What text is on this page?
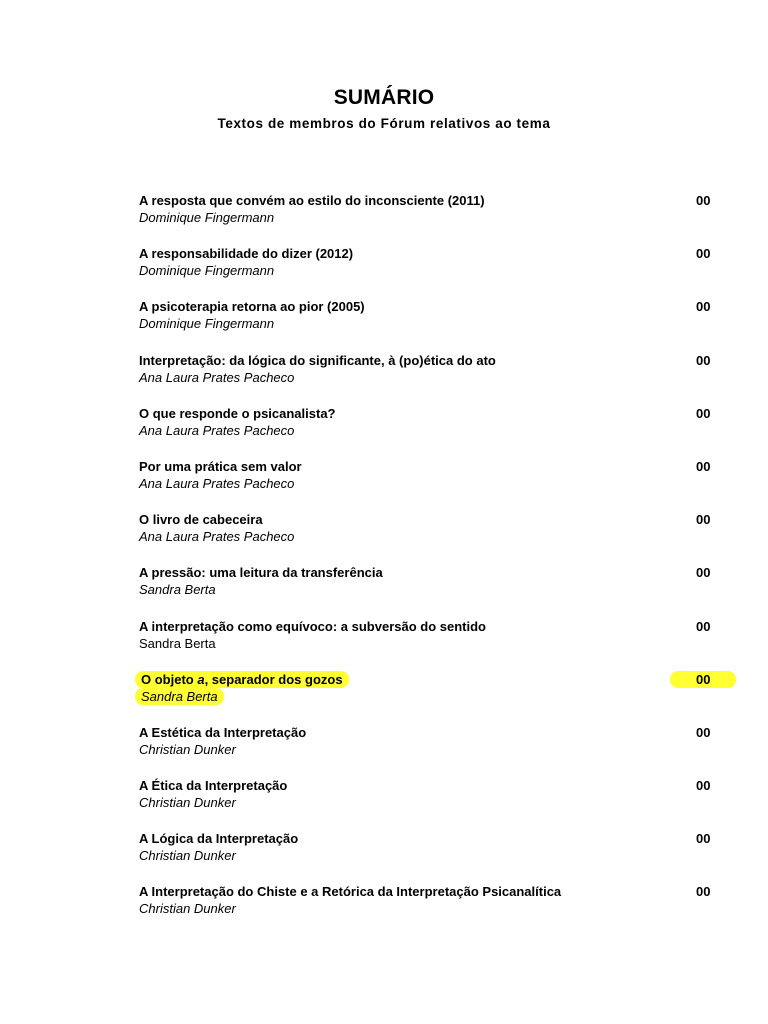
SUMÁRIO
Textos de membros do Fórum relativos ao tema
A resposta que convém ao estilo do inconsciente (2011)
Dominique Fingermann
00
A responsabilidade do dizer (2012)
Dominique Fingermann
00
A psicoterapia retorna ao pior (2005)
Dominique Fingermann
00
Interpretação: da lógica do significante, à (po)ética do ato
Ana Laura Prates Pacheco
00
O que responde o psicanalista?
Ana Laura Prates Pacheco
00
Por uma prática sem valor
Ana Laura Prates Pacheco
00
O livro de cabeceira
Ana Laura Prates Pacheco
00
A pressão: uma leitura da transferência
Sandra Berta
00
A interpretação como equívoco: a subversão do sentido
Sandra Berta
00
O objeto a, separador dos gozos
Sandra Berta
00
A Estética da Interpretação
Christian Dunker
00
A Ética da Interpretação
Christian Dunker
00
A Lógica da Interpretação
Christian Dunker
00
A Interpretação do Chiste e a Retórica da Interpretação Psicanalítica
Christian Dunker
00
